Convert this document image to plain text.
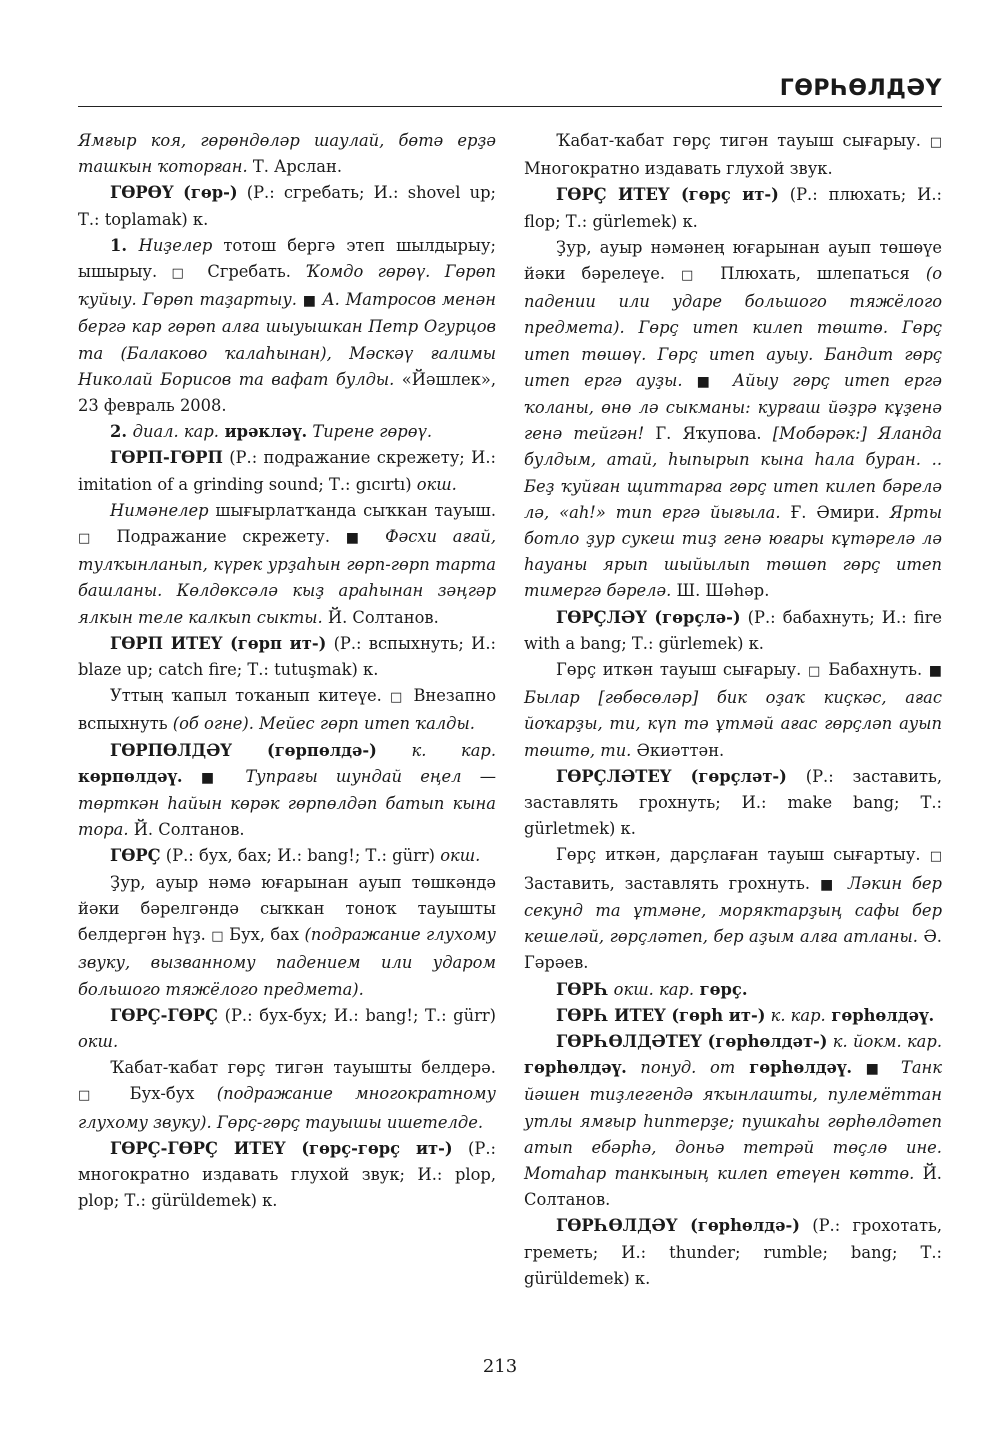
ГӨРҺӨЛДӘҮ

Ямғыр коя, гөрөндөләр шаулай, бөтә ерҙә ташкын ҡоторған. Т. Арслан.

ГӨРӨҮ (гөр-) (Р.: сгребать; И.: shovel up; Т.: toplamak) к.

1. Ниҙелер тотош бергә этеп шылдырыу; ышырыу. □ Сгребать. Ҡомдо гөрөү. Гөрөп ҡуйыу. Гөрөп таҙартыу. ■ А. Матросов менән бергә кар гөрөп алға шыуышкан Петр Огурцов та (Балаково ҡалаһынан), Мәскәү ғалимы Николай Борисов та вафат булды. «Йәшлек», 23 февраль 2008.

2. диал. кар. ирәкләү. Тирене гөрөү.

ГӨРП-ГӨРП (Р.: подражание скрежету; И.: imitation of a grinding sound; Т.: gıcırtı) окш.

Нимәнелер шығырлатҡанда сыҡкан тауыш. □ Подражание скрежету. ■ Фәсхи ағай, тулҡынланып, күрек урҙаһын гөрп-гөрп тарта башланы. Көлдөксәлә кыҙ араһынан зәңгәр ялкын теле калкып сыкты. Й. Солтанов.

ГӨРП ИТЕҮ (гөрп ит-) (Р.: вспыхнуть; И.: blaze up; catch fire; Т.: tutuşmak) к.

Уттың ҡапыл тоҡанып китеүе. □ Внезапно вспыхнуть (об огне). Мейес гөрп итеп ҡалды.

ГӨРПӨЛДӘҮ (гөрпөлдә-) к. кар. көрпөлдәү. ■ Тупрағы шундай еңел — төрткән һайын көрәк гөрпөлдәп батып кына тора. Й. Солтанов.

ГӨРҪ (Р.: бух, бах; И.: bang!; Т.: gürr) окш.

Ҙур, ауыр нәмә юғарынан ауып төшкәндә йәки бәрелгәндә сыҡкан тоноҡ тауышты белдергән һүҙ. □ Бух, бах (подражание глухому звуку, вызванному падением или ударом большого тяжёлого предмета).

ГӨРҪ-ГӨРҪ (Р.: бух-бух; И.: bang!; Т.: gürr) окш.

Ҡабат-ҡабат гөрҫ тигән тауышты белдерә. □ Бух-бух (подражание многократному глухому звуку). Гөрҫ-гөрҫ тауышы ишетелде.

ГӨРҪ-ГӨРҪ ИТЕҮ (гөрҫ-гөрҫ ит-) (Р.: многократно издавать глухой звук; И.: plop, plop; Т.: gürüldemek) к.

Ҡабат-ҡабат гөрҫ тигән тауыш сығарыу. □ Многократно издавать глухой звук.

ГӨРҪ ИТЕҮ (гөрҫ ит-) (Р.: плюхать; И.: flop; Т.: gürlemek) к.

Ҙур, ауыр нәмәнең юғарынан ауып төшөүе йәки бәрелеүе. □ Плюхать, шлепаться (о падении или ударе большого тяжёлого предмета). Гөрҫ итеп килеп төштө. Гөрҫ итеп төшөү. Гөрҫ итеп ауыу. Бандит гөрҫ итеп ергә ауҙы. ■ Айыу гөрҫ итеп ергә ҡоланы, өнө лә сыкманы: курғаш йәҙрә кұҙенә генә тейгән! Г. Яҡупова. [Мобәрәк:] Яланда булдым, атай, һыпырып кына һала буран. .. Беҙ ҡуйған щиттарға гөрҫ итеп килеп бәрелә лә, «аh!» тип ергә йығыла. Ғ. Әмири. Ярты ботло ҙур сукеш тиҙ генә юғары кұтәрелә лә һауаны ярып шыйылып төшөп гөрҫ итеп тимергә бәрелә. Ш. Шәһәр.

ГӨРҪЛӘҮ (гөрҫлә-) (Р.: бабахнуть; И.: fire with a bang; Т.: gürlemek) к.

Гөрҫ иткән тауыш сығарыу. □ Бабахнуть. ■ Былар [гөбөсөләр] бик оҙаҡ киҫкәс, ағас йоҡарҙы, ти, күп тә ұтмәй ағас гөрҫләп ауып төштө, ти. Әкиәттән.

ГӨРҪЛӘТЕҮ (гөрҫләт-) (Р.: заставить, заставлять грохнуть; И.: make bang; Т.: gürletmek) к.

Гөрҫ иткән, дарҫлаған тауыш сығартыу. □ Заставить, заставлять грохнуть. ■ Ләкин бер секунд та ұтмәне, моряктарҙың сафы бер кешеләй, гөрҫләтеп, бер аҙым алға атланы. Ә. Гәрәев.

ГӨРҺ окш. кар. гөрҫ.

ГӨРҺ ИТЕҮ (гөрһ ит-) к. кар. гөрһөлдәү.

ГӨРҺӨЛДӘТЕҮ (гөрһөлдәт-) к. йокм. кар. гөрһөлдәү. понуд. от гөрһөлдәү. ■ Танк йәшен тиҙлегендә яҡынлашты, пулемёттан утлы ямғыр һиптерҙе; пушкаһы гөрһөлдәтеп атып ебәрһә, доньә тетрәй төҫлө ине. Мотаһар танкының килеп етеүен көттө. Й. Солтанов.

ГӨРҺӨЛДӘҮ (гөрһөлдә-) (Р.: грохотать, греметь; И.: thunder; rumble; bang; Т.: gürüldemek) к.

213
